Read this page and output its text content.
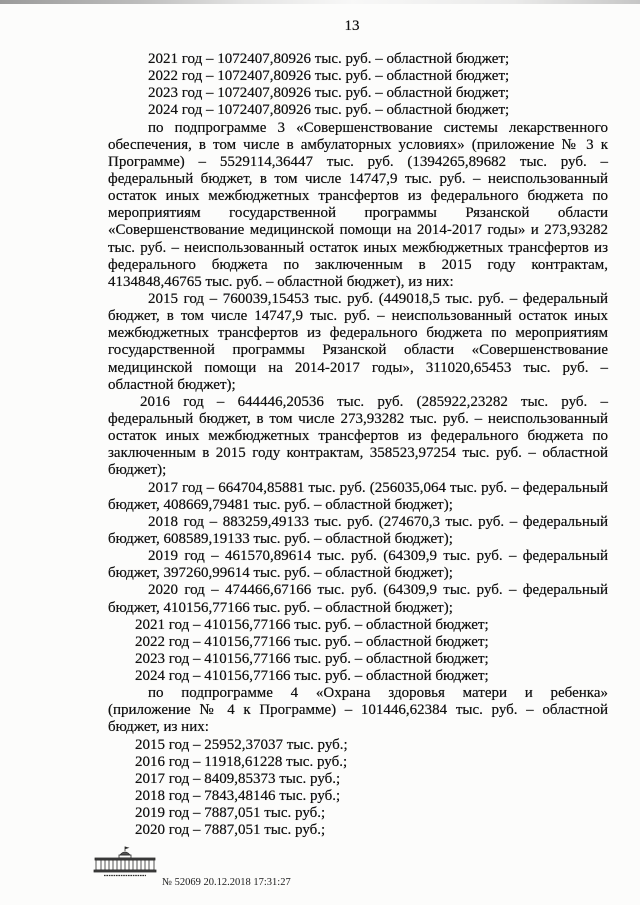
13
2021 год – 1072407,80926 тыс. руб. – областной бюджет;
2022 год – 1072407,80926 тыс. руб. – областной бюджет;
2023 год – 1072407,80926 тыс. руб. – областной бюджет;
2024 год – 1072407,80926 тыс. руб. – областной бюджет;
по подпрограмме 3 «Совершенствование системы лекарственного
обеспечения, в том числе в амбулаторных условиях» (приложение № 3 к
Программе) – 5529114,36447 тыс. руб. (1394265,89682 тыс. руб. –
федеральный бюджет, в том числе 14747,9 тыс. руб. – неиспользованный
остаток иных межбюджетных трансфертов из федерального бюджета по
мероприятиям государственной программы Рязанской области
«Совершенствование медицинской помощи на 2014-2017 годы» и 273,93282
тыс. руб. – неиспользованный остаток иных межбюджетных трансфертов из
федерального бюджета по заключенным в 2015 году контрактам,
4134848,46765 тыс. руб. – областной бюджет), из них:
2015 год – 760039,15453 тыс. руб. (449018,5 тыс. руб. – федеральный
бюджет, в том числе 14747,9 тыс. руб. – неиспользованный остаток иных
межбюджетных трансфертов из федерального бюджета по мероприятиям
государственной программы Рязанской области «Совершенствование
медицинской помощи на 2014-2017 годы», 311020,65453 тыс. руб. –
областной бюджет);
2016 год – 644446,20536 тыс. руб. (285922,23282 тыс. руб. –
федеральный бюджет, в том числе 273,93282 тыс. руб. – неиспользованный
остаток иных межбюджетных трансфертов из федерального бюджета по
заключенным в 2015 году контрактам, 358523,97254 тыс. руб. – областной
бюджет);
2017 год – 664704,85881 тыс. руб. (256035,064 тыс. руб. – федеральный
бюджет, 408669,79481 тыс. руб. – областной бюджет);
2018 год – 883259,49133 тыс. руб. (274670,3 тыс. руб. – федеральный
бюджет, 608589,19133 тыс. руб. – областной бюджет);
2019 год – 461570,89614 тыс. руб. (64309,9 тыс. руб. – федеральный
бюджет, 397260,99614 тыс. руб. – областной бюджет);
2020 год – 474466,67166 тыс. руб. (64309,9 тыс. руб. – федеральный
бюджет, 410156,77166 тыс. руб. – областной бюджет);
2021 год – 410156,77166 тыс. руб. – областной бюджет;
2022 год – 410156,77166 тыс. руб. – областной бюджет;
2023 год – 410156,77166 тыс. руб. – областной бюджет;
2024 год – 410156,77166 тыс. руб. – областной бюджет;
по подпрограмме 4 «Охрана здоровья матери и ребенка»
(приложение № 4 к Программе) – 101446,62384 тыс. руб. – областной
бюджет, из них:
2015 год – 25952,37037 тыс. руб.;
2016 год – 11918,61228 тыс. руб.;
2017 год – 8409,85373 тыс. руб.;
2018 год – 7843,48146 тыс. руб.;
2019 год – 7887,051 тыс. руб.;
2020 год – 7887,051 тыс. руб.;
№ 52069 20.12.2018 17:31:27
